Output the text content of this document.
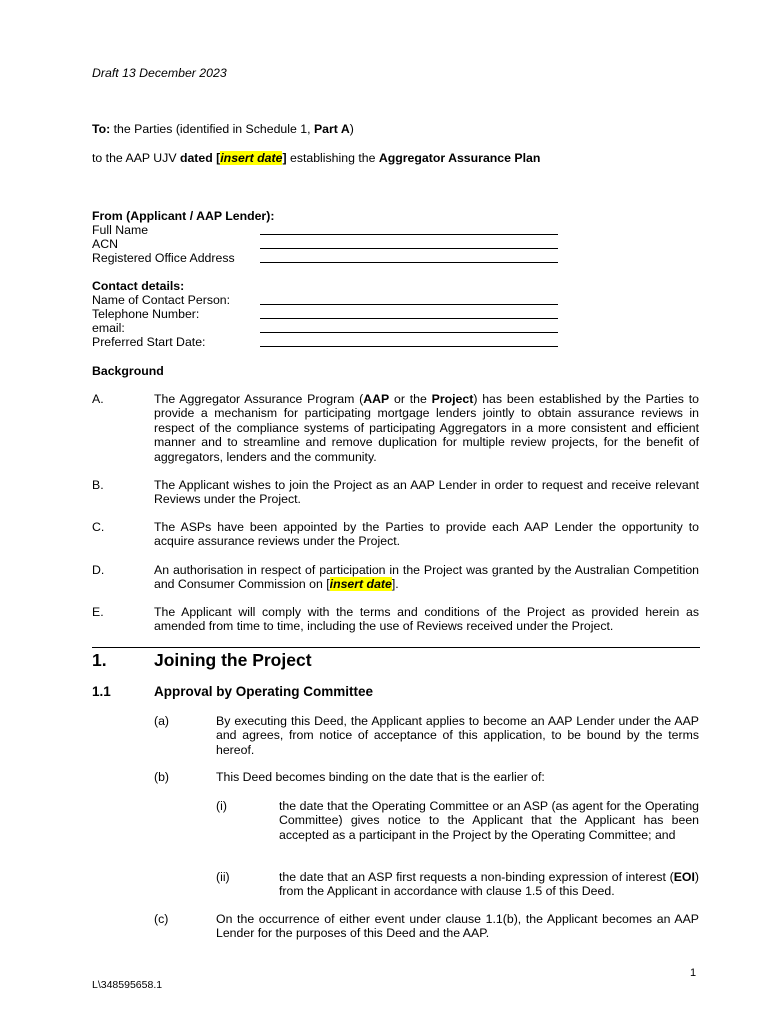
Draft 13 December 2023
To: the Parties (identified in Schedule 1, Part A)
to the AAP UJV dated [insert date] establishing the Aggregator Assurance Plan
From (Applicant / AAP Lender):
Full Name
ACN
Registered Office Address
Contact details:
Name of Contact Person:
Telephone Number:
email:
Preferred Start Date:
Background
A.	The Aggregator Assurance Program (AAP or the Project) has been established by the Parties to provide a mechanism for participating mortgage lenders jointly to obtain assurance reviews in respect of the compliance systems of participating Aggregators in a more consistent and efficient manner and to streamline and remove duplication for multiple review projects, for the benefit of aggregators, lenders and the community.
B.	The Applicant wishes to join the Project as an AAP Lender in order to request and receive relevant Reviews under the Project.
C.	The ASPs have been appointed by the Parties to provide each AAP Lender the opportunity to acquire assurance reviews under the Project.
D.	An authorisation in respect of participation in the Project was granted by the Australian Competition and Consumer Commission on [insert date].
E.	The Applicant will comply with the terms and conditions of the Project as provided herein as amended from time to time, including the use of Reviews received under the Project.
1.	Joining the Project
1.1	Approval by Operating Committee
(a)	By executing this Deed, the Applicant applies to become an AAP Lender under the AAP and agrees, from notice of acceptance of this application, to be bound by the terms hereof.
(b)	This Deed becomes binding on the date that is the earlier of:
(i)	the date that the Operating Committee or an ASP (as agent for the Operating Committee) gives notice to the Applicant that the Applicant has been accepted as a participant in the Project by the Operating Committee; and
(ii)	the date that an ASP first requests a non-binding expression of interest (EOI) from the Applicant in accordance with clause 1.5 of this Deed.
(c)	On the occurrence of either event under clause 1.1(b), the Applicant becomes an AAP Lender for the purposes of this Deed and the AAP.
1
L\348595658.1
